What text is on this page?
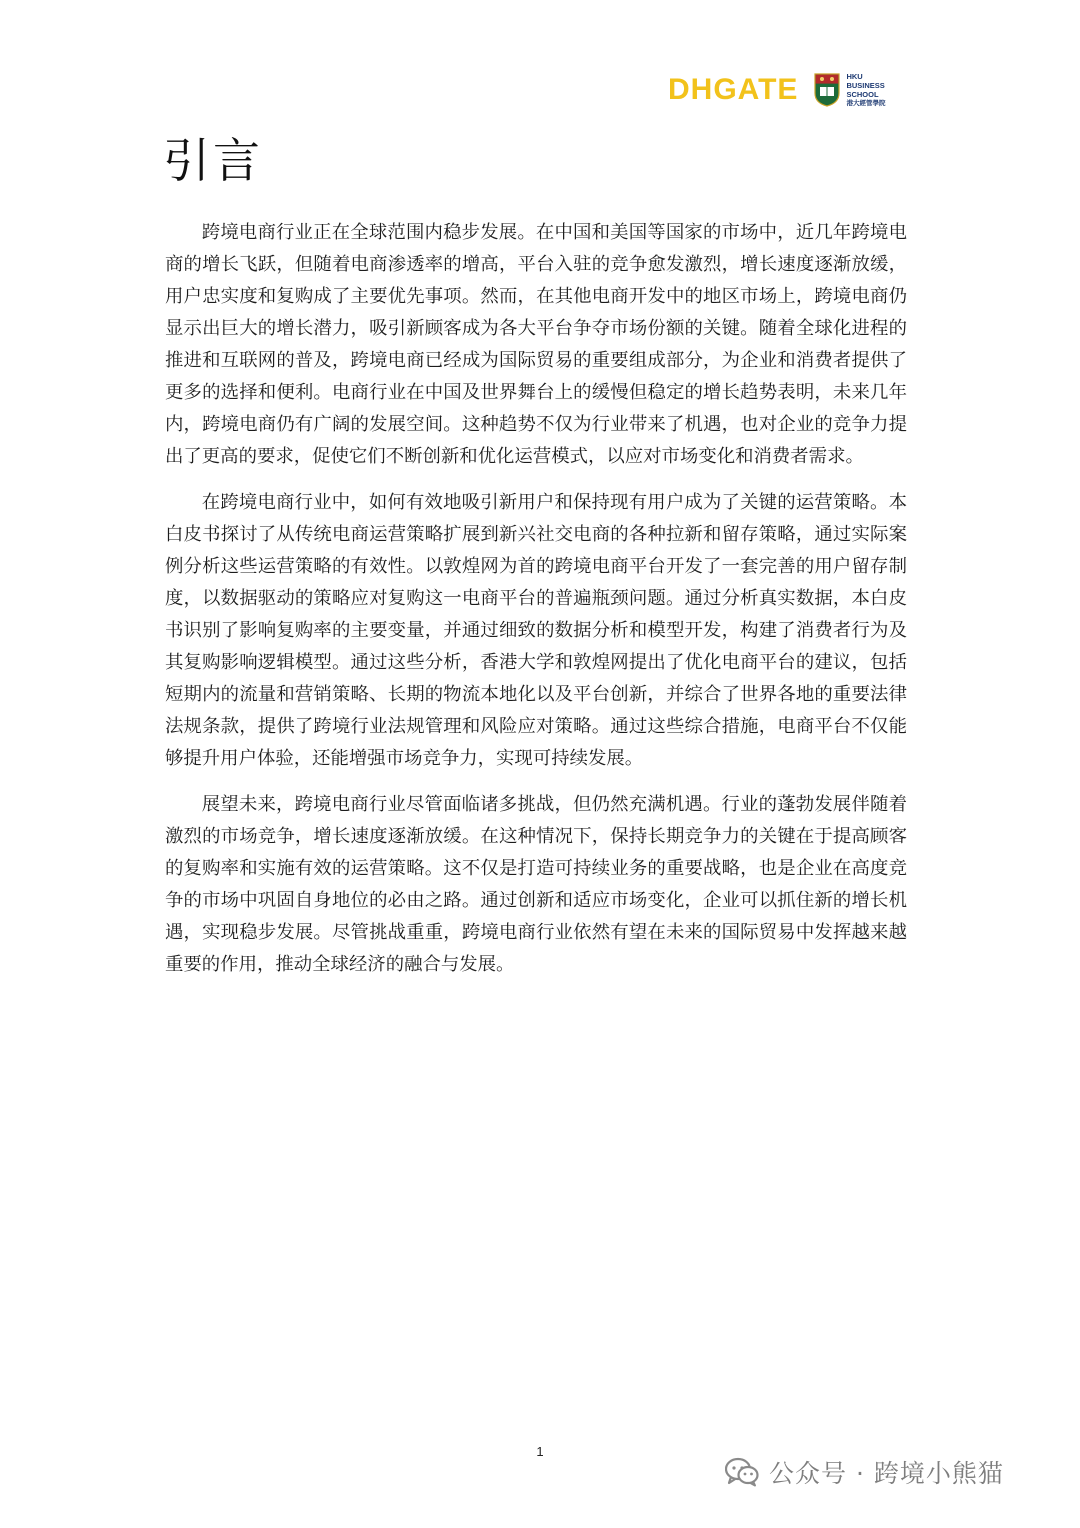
DHGATE	HKU
BUSINESS
SCHOOL
港大經管學院
引言

跨境电商行业正在全球范围内稳步发展。在中国和美国等国家的市场中，近几年跨境电商的增长飞跃，但随着电商渗透率的增高，平台入驻的竞争愈发激烈，增长速度逐渐放缓，用户忠实度和复购成了主要优先事项。然而，在其他电商开发中的地区市场上，跨境电商仍显示出巨大的增长潜力，吸引新顾客成为各大平台争夺市场份额的关键。随着全球化进程的推进和互联网的普及，跨境电商已经成为国际贸易的重要组成部分，为企业和消费者提供了更多的选择和便利。电商行业在中国及世界舞台上的缓慢但稳定的增长趋势表明，未来几年内，跨境电商仍有广阔的发展空间。这种趋势不仅为行业带来了机遇，也对企业的竞争力提出了更高的要求，促使它们不断创新和优化运营模式，以应对市场变化和消费者需求。

在跨境电商行业中，如何有效地吸引新用户和保持现有用户成为了关键的运营策略。本白皮书探讨了从传统电商运营策略扩展到新兴社交电商的各种拉新和留存策略，通过实际案例分析这些运营策略的有效性。以敦煌网为首的跨境电商平台开发了一套完善的用户留存制度，以数据驱动的策略应对复购这一电商平台的普遍瓶颈问题。通过分析真实数据，本白皮书识别了影响复购率的主要变量，并通过细致的数据分析和模型开发，构建了消费者行为及其复购影响逻辑模型。通过这些分析，香港大学和敦煌网提出了优化电商平台的建议，包括短期内的流量和营销策略、长期的物流本地化以及平台创新，并综合了世界各地的重要法律法规条款，提供了跨境行业法规管理和风险应对策略。通过这些综合措施，电商平台不仅能够提升用户体验，还能增强市场竞争力，实现可持续发展。

展望未来，跨境电商行业尽管面临诸多挑战，但仍然充满机遇。行业的蓬勃发展伴随着激烈的市场竞争，增长速度逐渐放缓。在这种情况下，保持长期竞争力的关键在于提高顾客的复购率和实施有效的运营策略。这不仅是打造可持续业务的重要战略，也是企业在高度竞争的市场中巩固自身地位的必由之路。通过创新和适应市场变化，企业可以抓住新的增长机遇，实现稳步发展。尽管挑战重重，跨境电商行业依然有望在未来的国际贸易中发挥越来越重要的作用，推动全球经济的融合与发展。

1
公众号 · 跨境小熊猫
